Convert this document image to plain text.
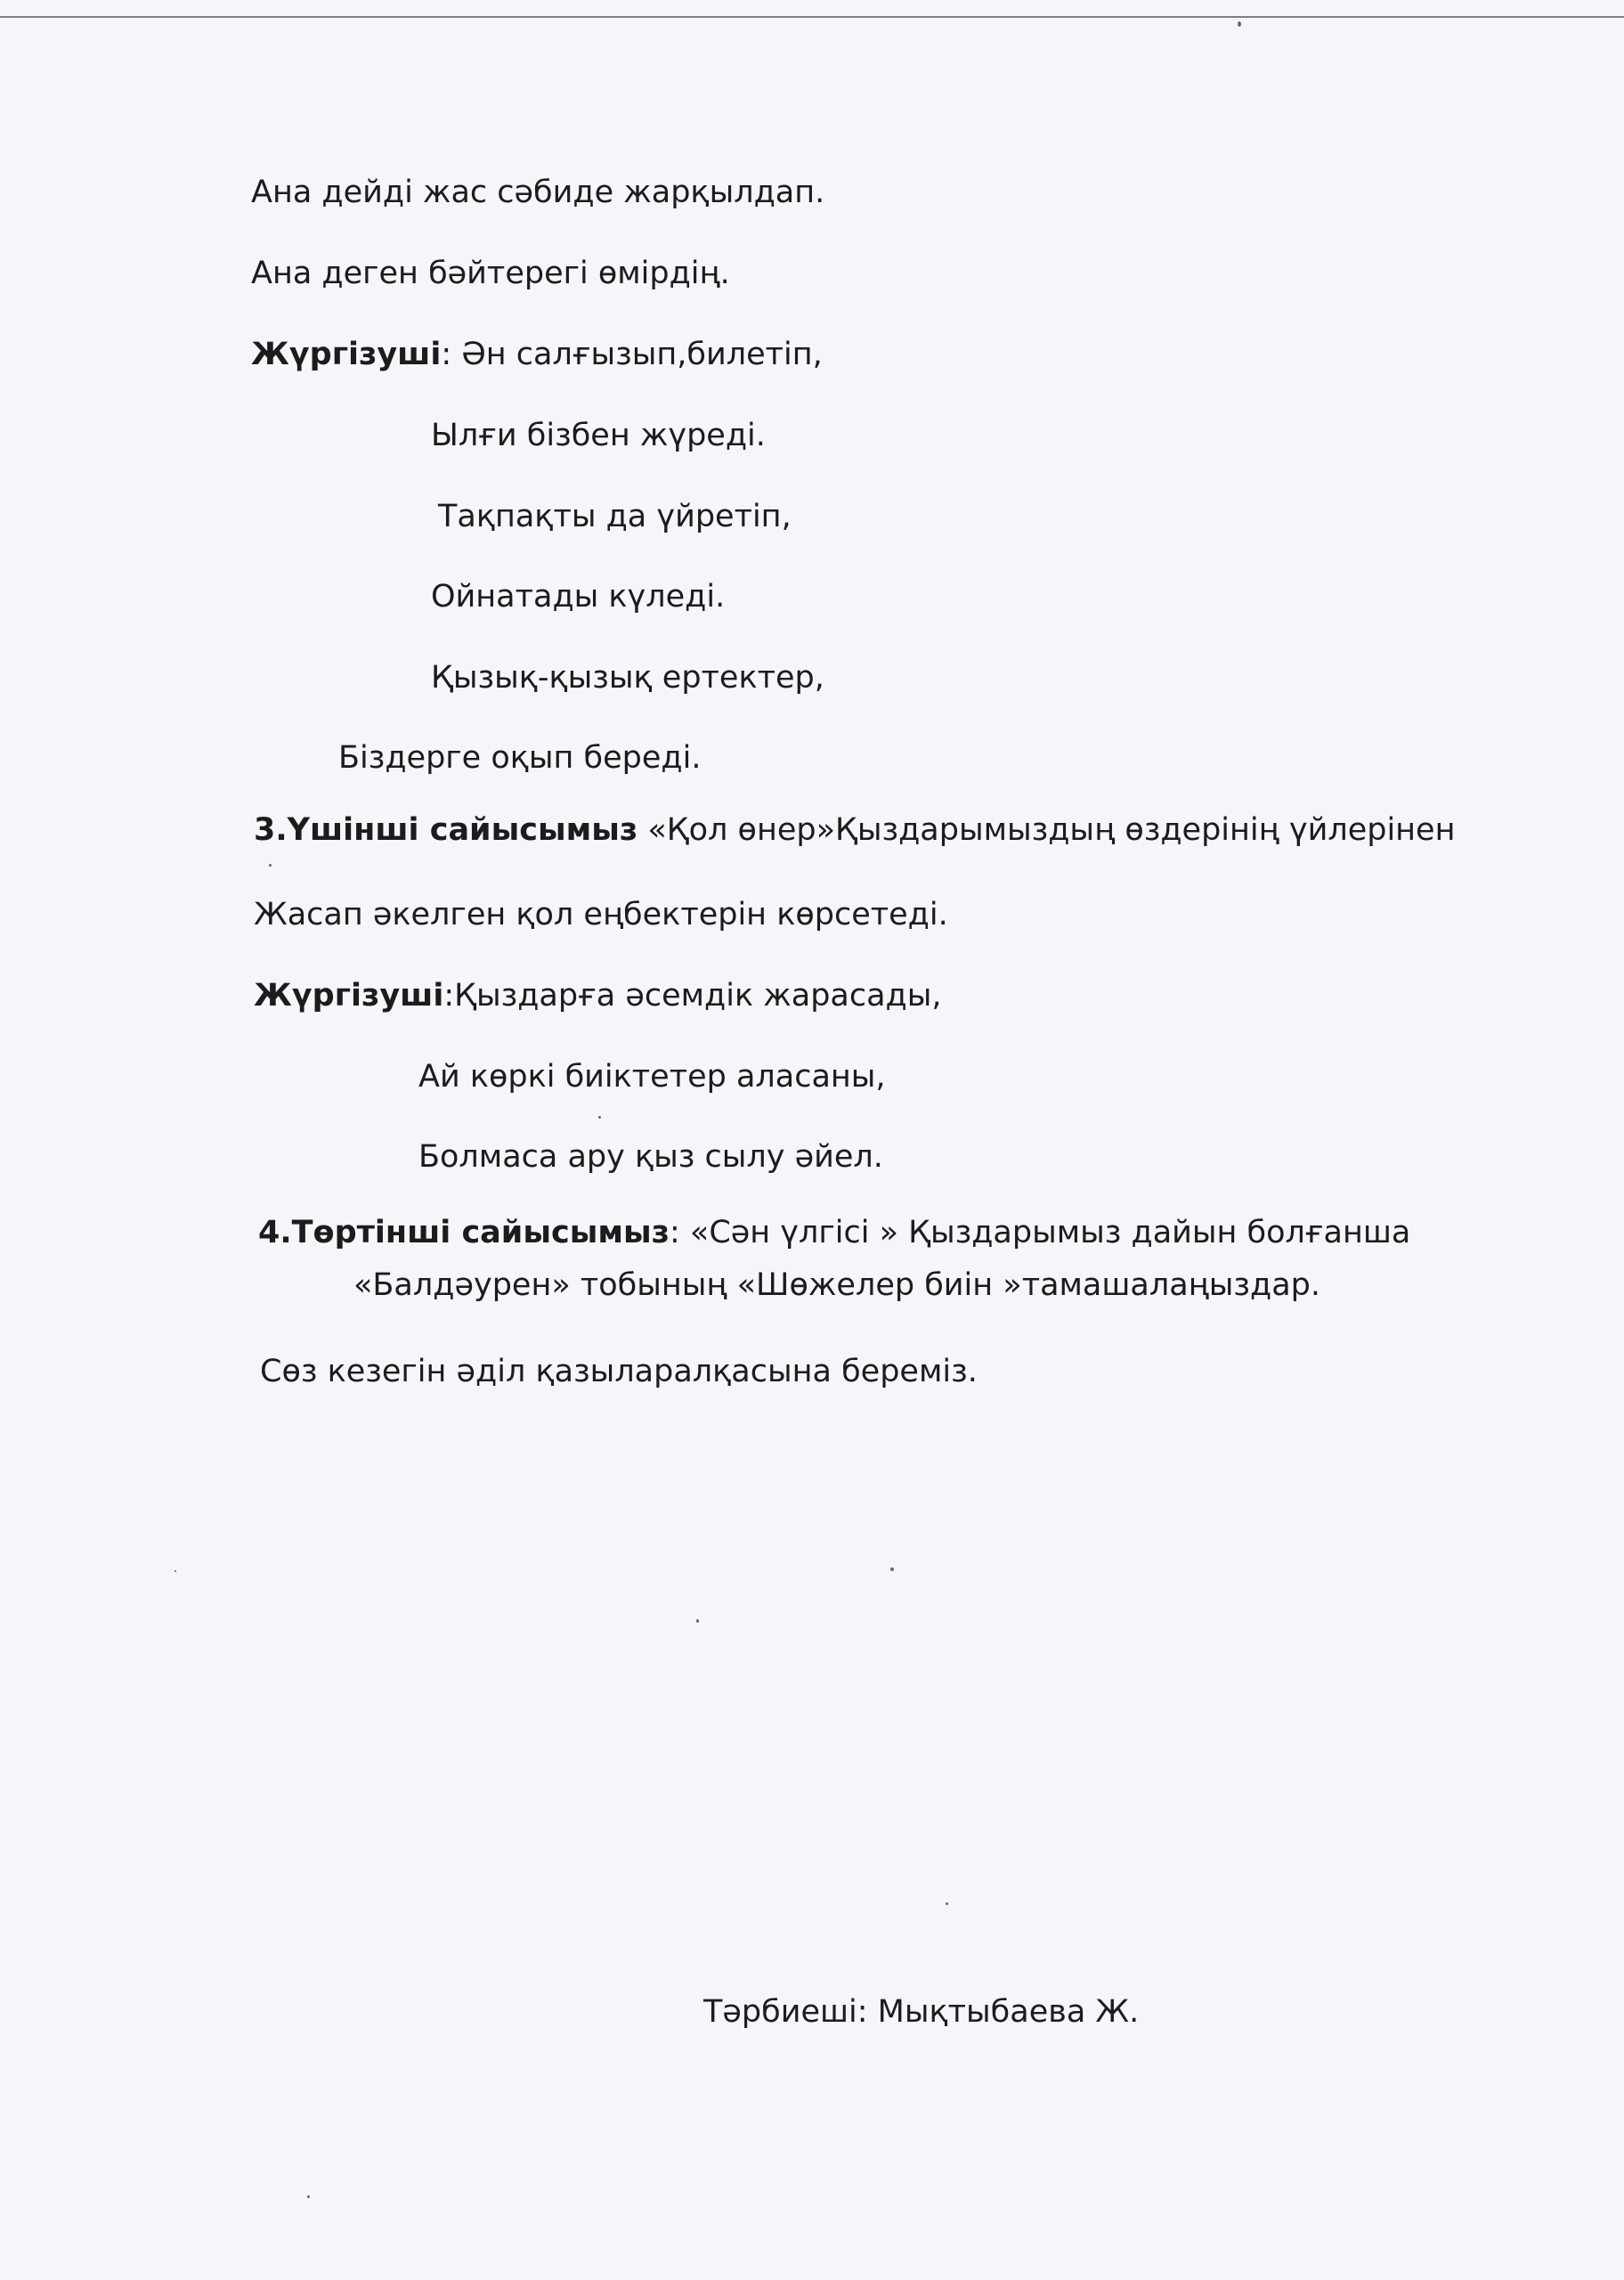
Ана дейді жас сәбиде жарқылдап.
Ана деген бәйтерегі өмірдің.
Жүргізуші: Ән салғызып,билетіп,
Ылғи бізбен жүреді.
Тақпақты да үйретіп,
Ойнатады күледі.
Қызық-қызық ертектер,
Біздерге оқып береді.
3.Үшінші сайысымыз «Қол өнер»Қыздарымыздың өздерінің үйлерінен
Жасап әкелген қол еңбектерін көрсетеді.
Жүргізуші:Қыздарға әсемдік жарасады,
Ай көркі биіктетер аласаны,
Болмаса ару қыз сылу әйел.
4.Төртінші сайысымыз: «Сән үлгісі » Қыздарымыз дайын болғанша
«Балдәурен» тобының «Шөжелер биін »тамашалаңыздар.
Сөз кезегін әділ қазыларалқасына береміз.
Тәрбиеші: Мықтыбаева Ж.
